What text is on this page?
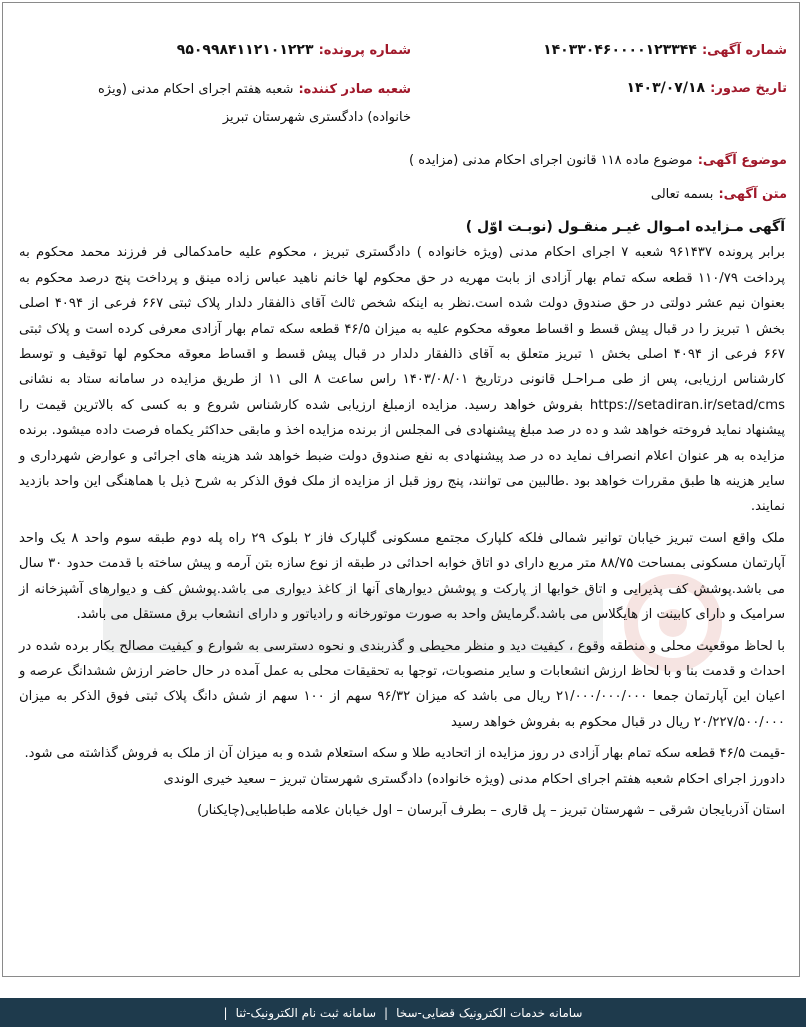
شماره آگهی: ۱۴۰۳۳۰۴۶۰۰۰۰۱۲۳۳۴۴
شماره پرونده: ۹۵۰۹۹۸۴۱۱۲۱۰۱۲۲۳
تاریخ صدور: ۱۴۰۳/۰۷/۱۸
شعبه صادر کننده: شعبه هفتم اجرای احکام مدنی (ویژه خانواده) دادگستری شهرستان تبریز
موضوع آگهی: موضوع ماده ۱۱۸ قانون اجرای احکام مدنی (مزایده )
متن آگهی: بسمه تعالی

آگهی مـزایده امـوال غیـر منقـول (نوبـت اوّل )

برابر پرونده ۹۶۱۴۳۷ شعبه ۷ اجرای احکام مدنی (ویژه خانواده ) دادگستری تبریز ، محکوم علیه حامدکمالی فر فرزند محمد محکوم به پرداخت ۱۱۰/۷۹ قطعه سکه تمام بهار آزادی از بابت مهریه در حق محکوم لها خانم ناهید عباس زاده مینق و پرداخت پنج درصد محکوم به بعنوان نیم عشر دولتی در حق صندوق دولت شده است.نظر به اینکه شخص ثالث آقای ذالفقار دلدار پلاک ثبتی ۶۶۷ فرعی از ۴۰۹۴ اصلی بخش ۱ تبریز را در قبال پیش قسط و اقساط معوقه محکوم علیه به میزان ۴۶/۵ قطعه سکه تمام بهار آزادی معرفی کرده است و پلاک ثبتی ۶۶۷ فرعی از ۴۰۹۴ اصلی بخش ۱ تبریز متعلق به آقای ذالفقار دلدار در قبال پیش قسط و اقساط معوقه محکوم لها توقیف و توسط کارشناس ارزیابی، پس از طی مـراحـل قانونی درتاریخ ۱۴۰۳/۰۸/۰۱ راس ساعت ۸ الی ۱۱ از طریق مزایده در سامانه ستاد به نشانی https://setadiran.ir/setad/cms بفروش خواهد رسید. مزایده ازمبلغ ارزیابی شده کارشناس شروع و به کسی که بالاترین قیمت را پیشنهاد نماید فروخته خواهد شد و ده در صد مبلغ پیشنهادی فی المجلس از برنده مزایده اخذ و مابقی حداکثر یکماه فرصت داده میشود. برنده مزایده به هر عنوان اعلام انصراف نماید ده در صد پیشنهادی به نفع صندوق دولت ضبط خواهد شد هزینه های اجرائی و عوارض شهرداری و سایر هزینه ها طبق مقررات خواهد بود .طالبین می توانند، پنج روز قبل از مزایده از ملک فوق الذکر به شرح ذیل با هماهنگی این واحد بازدید نمایند.

ملک واقع است تبریز خیابان توانیر شمالی فلکه کلپارک مجتمع مسکونی گلپارک فاز ۲ بلوک ۲۹ راه پله دوم طبقه سوم واحد ۸ یک واحد آپارتمان مسکونی بمساحت ۸۸/۷۵ متر مربع دارای دو اتاق خوابه احداثی در طبقه از نوع سازه بتن آرمه و پیش ساخته با قدمت حدود ۳۰ سال می باشد.پوشش کف پذیرایی و اتاق خوابها از پارکت و پوشش دیوارهای آنها از کاغذ دیواری می باشد.پوشش کف و دیوارهای آشپزخانه از سرامیک و دارای کابینت از هایگلاس می باشد.گرمایش واحد به صورت موتورخانه و رادیاتور و دارای انشعاب برق مستقل می باشد.

با لحاظ موقعیت محلی و منطقه وقوع ، کیفیت دید و منظر محیطی و گذربندی و نحوه دسترسی به شوارع و کیفیت مصالح بکار برده شده در احداث و قدمت بنا و با لحاظ ارزش انشعابات و سایر منصوبات، توجها به تحقیقات محلی به عمل آمده در حال حاضر ارزش ششدانگ عرصه و اعیان این آپارتمان جمعا ۲۱/۰۰۰/۰۰۰/۰۰۰ ریال می باشد که میزان ۹۶/۳۲ سهم از ۱۰۰ سهم از شش دانگ پلاک ثبتی فوق الذکر به میزان ۲۰/۲۲۷/۵۰۰/۰۰۰ ریال در قبال محکوم به بفروش خواهد رسید

-قیمت ۴۶/۵ قطعه سکه تمام بهار آزادی در روز مزایده از اتحادیه طلا و سکه استعلام شده و به میزان آن از ملک به فروش گذاشته می شود.

دادورز اجرای احکام شعبه هفتم اجرای احکام مدنی (ویژه خانواده) دادگستری شهرستان تبریز – سعید خیری الوندی

استان آذربایجان شرقی – شهرستان تبریز – پل قاری – بطرف آبرسان – اول خیابان علامه طباطبایی(چایکنار)

سامانه خدمات الکترونیک قضایی-سخا
|
سامانه ثبت نام الکترونیک-ثنا
|
